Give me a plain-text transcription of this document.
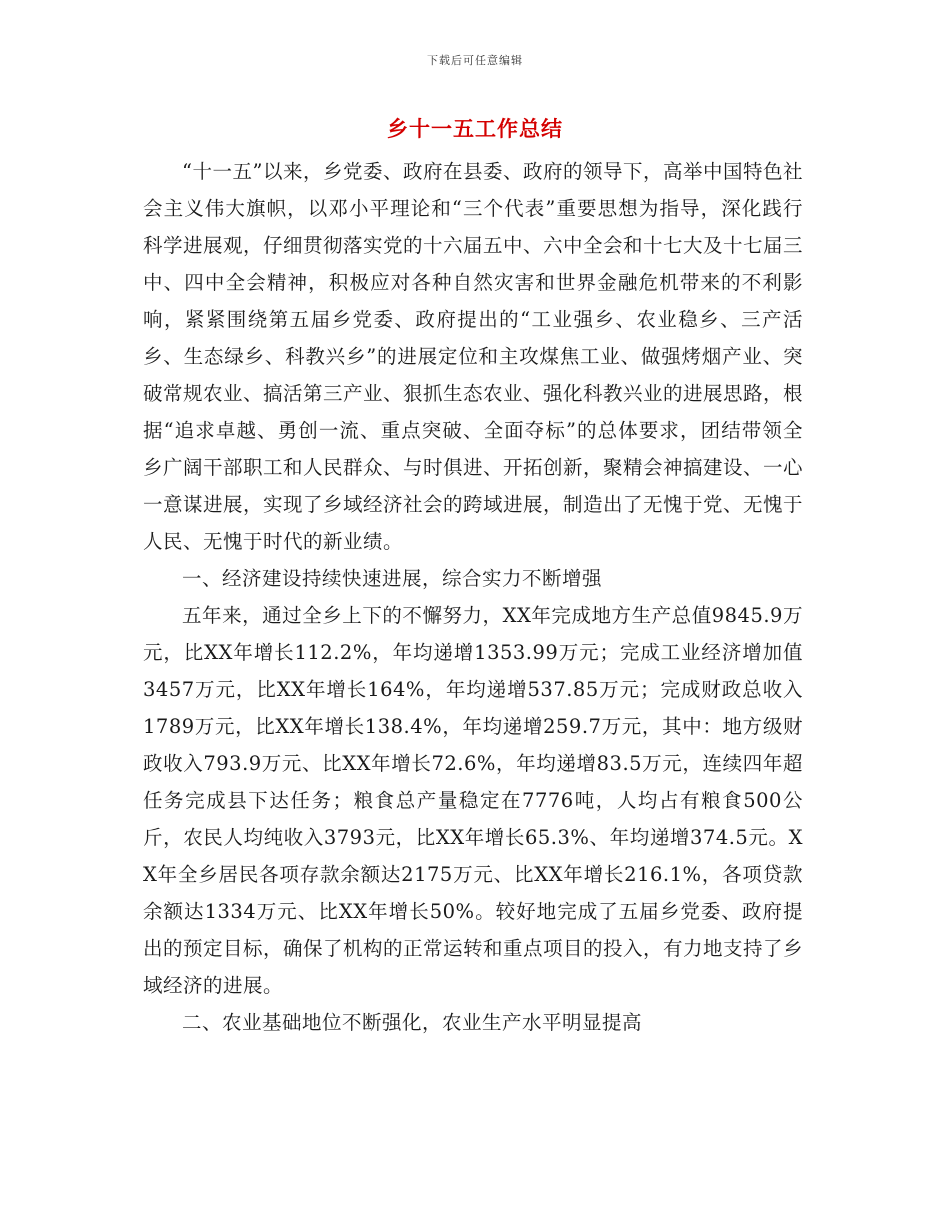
下载后可任意编辑
乡十一五工作总结

“十一五”以来，乡党委、政府在县委、政府的领导下，高举中国特色社会主义伟大旗帜，以邓小平理论和“三个代表”重要思想为指导，深化践行科学进展观，仔细贯彻落实党的十六届五中、六中全会和十七大及十七届三中、四中全会精神，积极应对各种自然灾害和世界金融危机带来的不利影响，紧紧围绕第五届乡党委、政府提出的“工业强乡、农业稳乡、三产活乡、生态绿乡、科教兴乡”的进展定位和主攻煤焦工业、做强烤烟产业、突破常规农业、搞活第三产业、狠抓生态农业、强化科教兴业的进展思路，根据“追求卓越、勇创一流、重点突破、全面夺标”的总体要求，团结带领全乡广阔干部职工和人民群众、与时俱进、开拓创新，聚精会神搞建设、一心一意谋进展，实现了乡域经济社会的跨域进展，制造出了无愧于党、无愧于人民、无愧于时代的新业绩。

一、经济建设持续快速进展，综合实力不断增强

五年来，通过全乡上下的不懈努力，XX年完成地方生产总值9845.9万元，比XX年增长112.2%，年均递增1353.99万元；完成工业经济增加值3457万元，比XX年增长164%，年均递增537.85万元；完成财政总收入1789万元，比XX年增长138.4%，年均递增259.7万元，其中：地方级财政收入793.9万元、比XX年增长72.6%，年均递增83.5万元，连续四年超任务完成县下达任务；粮食总产量稳定在7776吨，人均占有粮食500公斤，农民人均纯收入3793元，比XX年增长65.3%、年均递增374.5元。XX年全乡居民各项存款余额达2175万元、比XX年增长216.1%，各项贷款余额达1334万元、比XX年增长50%。较好地完成了五届乡党委、政府提出的预定目标，确保了机构的正常运转和重点项目的投入，有力地支持了乡域经济的进展。

二、农业基础地位不断强化，农业生产水平明显提高
